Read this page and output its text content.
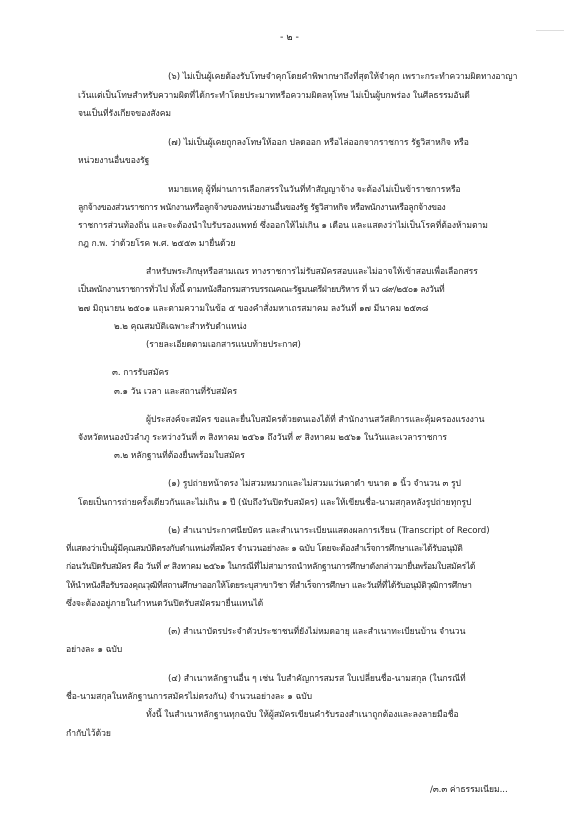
- ๒ -
(๖) ไม่เป็นผู้เคยต้องรับโทษจำคุกโดยคำพิพากษาถึงที่สุดให้จำคุก เพราะกระทำความผิดทางอาญา
เว้นแต่เป็นโทษสำหรับความผิดที่ได้กระทำโดยประมาทหรือความผิดลหุโทษ ไม่เป็นผู้บกพร่อง ในศีลธรรมอันดี
จนเป็นที่รังเกียจของสังคม
(๗) ไม่เป็นผู้เคยถูกลงโทษให้ออก ปลดออก หรือไล่ออกจากราชการ รัฐวิสาหกิจ หรือ
หน่วยงานอื่นของรัฐ
หมายเหตุ ผู้ที่ผ่านการเลือกสรรในวันที่ทำสัญญาจ้าง จะต้องไม่เป็นข้าราชการหรือ
ลูกจ้างของส่วนราชการ พนักงานหรือลูกจ้างของหน่วยงานอื่นของรัฐ รัฐวิสาหกิจ หรือพนักงานหรือลูกจ้างของ
ราชการส่วนท้องถิ่น และจะต้องนำใบรับรองแพทย์ ซึ่งออกให้ไม่เกิน ๑ เดือน และแสดงว่าไม่เป็นโรคที่ต้องห้ามตาม
กฎ ก.พ. ว่าด้วยโรค พ.ศ. ๒๕๕๓ มายื่นด้วย
สำหรับพระภิกษุหรือสามเณร ทางราชการไม่รับสมัครสอบและไม่อาจให้เข้าสอบเพื่อเลือกสรร
เป็นพนักงานราชการทั่วไป ทั้งนี้ ตามหนังสือกรมสารบรรณคณะรัฐมนตรีฝ่ายบริหาร ที่ นว ๘๙/๒๕๐๑ ลงวันที่
๒๗ มิถุนายน ๒๕๐๑ และตามความในข้อ ๕ ของคำสั่งมหาเถรสมาคม ลงวันที่ ๑๗ มีนาคม ๒๕๓๘
๒.๒ คุณสมบัติเฉพาะสำหรับตำแหน่ง
(รายละเอียดตามเอกสารแนบท้ายประกาศ)
๓. การรับสมัคร
๓.๑ วัน เวลา และสถานที่รับสมัคร
ผู้ประสงค์จะสมัคร ขอและยื่นใบสมัครด้วยตนเองได้ที่ สำนักงานสวัสดิการและคุ้มครองแรงงาน
จังหวัดหนองบัวลำภู ระหว่างวันที่ ๓ สิงหาคม ๒๕๖๑ ถึงวันที่ ๙ สิงหาคม ๒๕๖๑ ในวันและเวลาราชการ
๓.๒ หลักฐานที่ต้องยื่นพร้อมใบสมัคร
(๑) รูปถ่ายหน้าตรง ไม่สวมหมวกและไม่สวมแว่นตาดำ ขนาด ๑ นิ้ว จำนวน ๓ รูป
โดยเป็นการถ่ายครั้งเดียวกันและไม่เกิน ๑ ปี (นับถึงวันปิดรับสมัคร) และให้เขียนชื่อ-นามสกุลหลังรูปถ่ายทุกรูป
(๒) สำเนาประกาศนียบัตร และสำเนาระเบียนแสดงผลการเรียน (Transcript of Record)
ที่แสดงว่าเป็นผู้มีคุณสมบัติตรงกับตำแหน่งที่สมัคร จำนวนอย่างละ ๑ ฉบับ โดยจะต้องสำเร็จการศึกษาและได้รับอนุมัติ
ก่อนวันปิดรับสมัคร คือ วันที่ ๙ สิงหาคม ๒๕๖๑ ในกรณีที่ไม่สามารถนำหลักฐานการศึกษาดังกล่าวมายื่นพร้อมใบสมัครได้
ให้นำหนังสือรับรองคุณวุฒิที่สถานศึกษาออกให้โดยระบุสาขาวิชา ที่สำเร็จการศึกษา และวันที่ที่ได้รับอนุมัติวุฒิการศึกษา
ซึ่งจะต้องอยู่ภายในกำหนดวันปิดรับสมัครมายื่นแทนได้
(๓) สำเนาบัตรประจำตัวประชาชนที่ยังไม่หมดอายุ และสำเนาทะเบียนบ้าน จำนวน
อย่างละ ๑ ฉบับ
(๔) สำเนาหลักฐานอื่น ๆ เช่น ใบสำคัญการสมรส ใบเปลี่ยนชื่อ-นามสกุล (ในกรณีที่
ชื่อ-นามสกุลในหลักฐานการสมัครไม่ตรงกัน) จำนวนอย่างละ ๑ ฉบับ
ทั้งนี้ ในสำเนาหลักฐานทุกฉบับ ให้ผู้สมัครเขียนคำรับรองสำเนาถูกต้องและลงลายมือชื่อ
กำกับไว้ด้วย
/๓.๓ ค่าธรรมเนียม...
